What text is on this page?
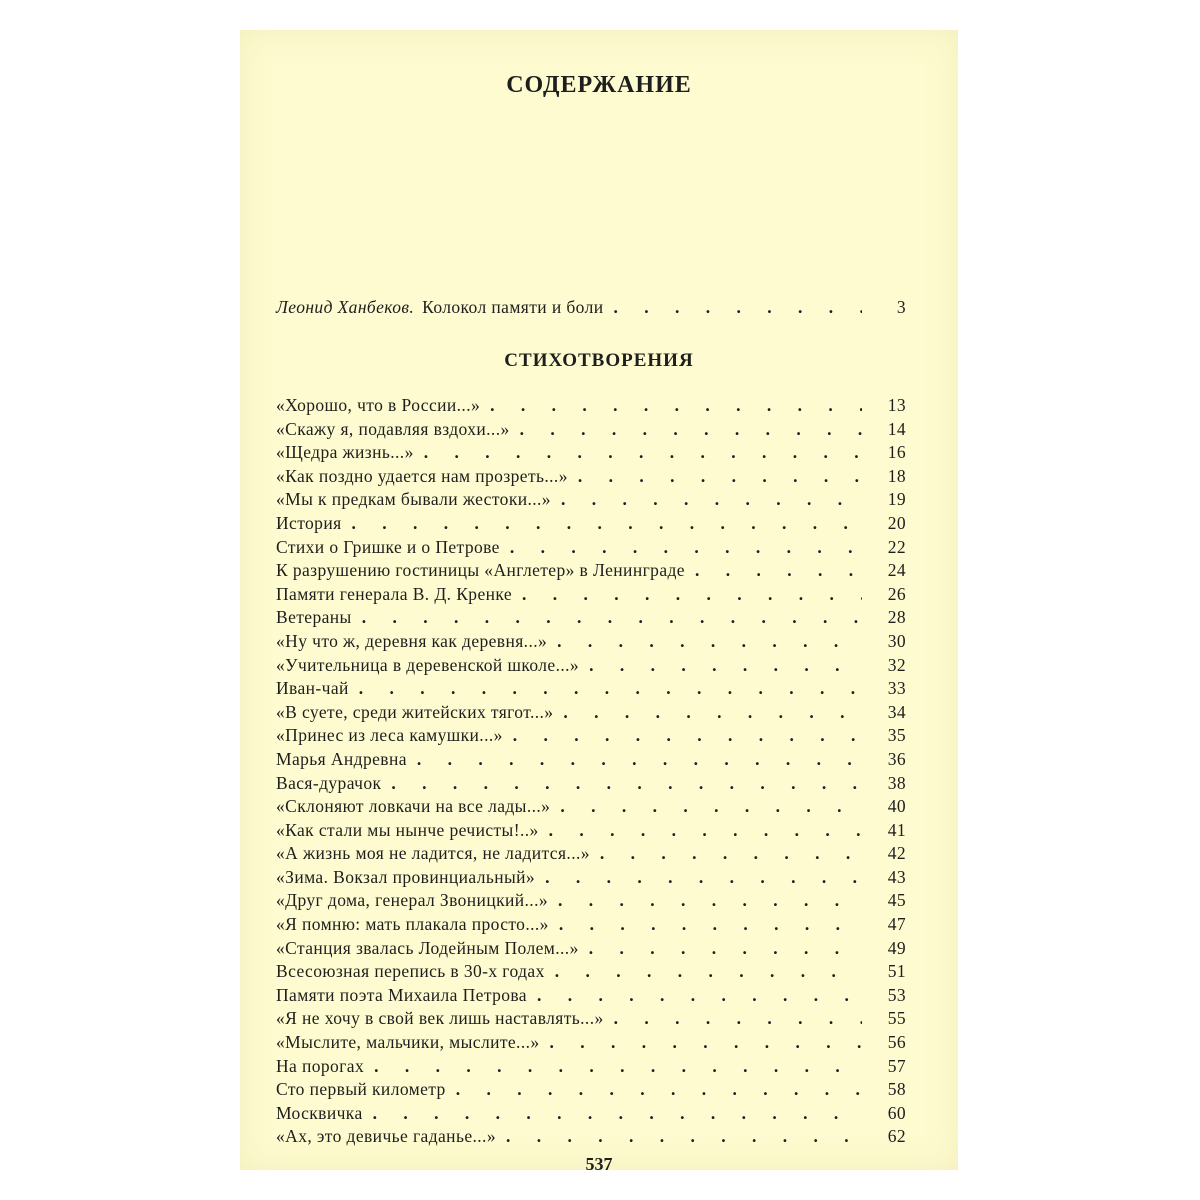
СОДЕРЖАНИЕ
Леонид Ханбеков. Колокол памяти и боли . . .	3
СТИХОТВОРЕНИЯ
«Хорошо, что в России...» . . .	13
«Скажу я, подавляя вздохи...» . . .	14
«Щедра жизнь...» . . .	16
«Как поздно удается нам прозреть...» . . .	18
«Мы к предкам бывали жестоки...» . . .	19
История . . .	20
Стихи о Гришке и о Петрове . . .	22
К разрушению гостиницы «Англетер» в Ленинграде . . .	24
Памяти генерала В. Д. Кренке . . .	26
Ветераны . . .	28
«Ну что ж, деревня как деревня...» . . .	30
«Учительница в деревенской школе...» . . .	32
Иван-чай . . .	33
«В суете, среди житейских тягот...» . . .	34
«Принес из леса камушки...» . . .	35
Марья Андревна . . .	36
Вася-дурачок . . .	38
«Склоняют ловкачи на все лады...» . . .	40
«Как стали мы нынче речисты!..» . . .	41
«А жизнь моя не ладится, не ладится...» . . .	42
«Зима. Вокзал провинциальный» . . .	43
«Друг дома, генерал Звоницкий...» . . .	45
«Я помню: мать плакала просто...» . . .	47
«Станция звалась Лодейным Полем...» . . .	49
Всесоюзная перепись в 30-х годах . . .	51
Памяти поэта Михаила Петрова . . .	53
«Я не хочу в свой век лишь наставлять...» . . .	55
«Мыслите, мальчики, мыслите...» . . .	56
На порогах . . .	57
Сто первый километр . . .	58
Москвичка . . .	60
«Ах, это девичье гаданье...» . . .	62
537
